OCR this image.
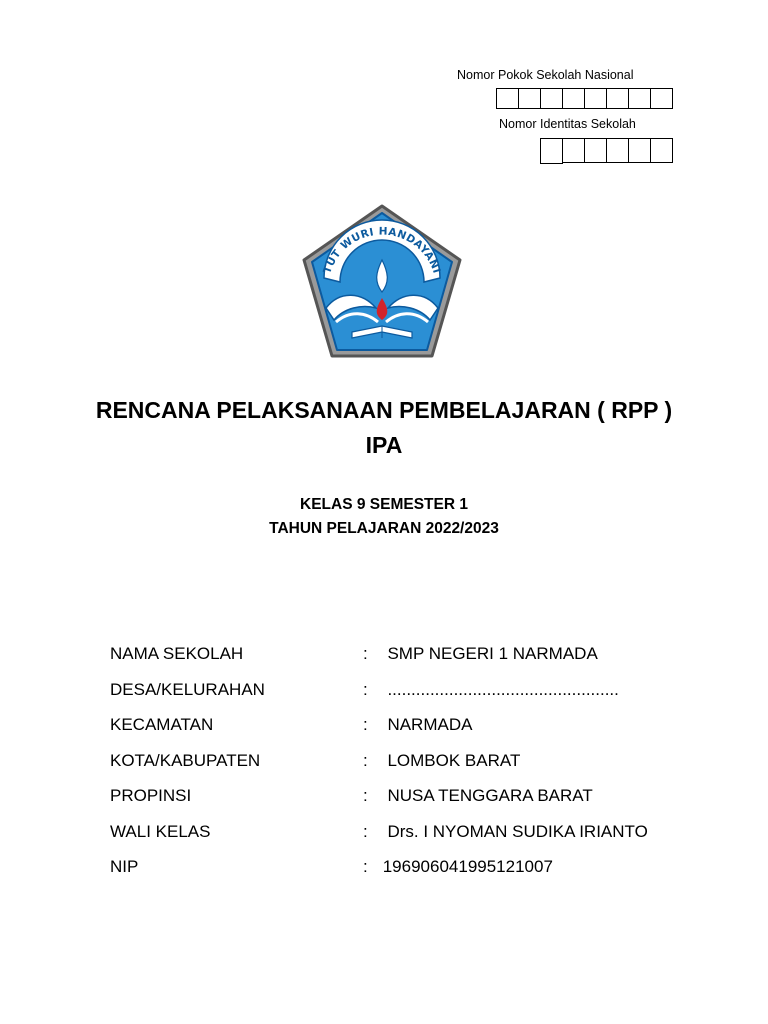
Nomor Pokok Sekolah Nasional
Nomor Identitas Sekolah
TUT WURI HANDAYANI
RENCANA PELAKSANAAN PEMBELAJARAN ( RPP )
IPA
KELAS 9 SEMESTER 1
TAHUN PELAJARAN 2022/2023
NAMA SEKOLAH	: SMP NEGERI 1 NARMADA
DESA/KELURAHAN	: .................................................
KECAMATAN	: NARMADA
KOTA/KABUPATEN	: LOMBOK BARAT
PROPINSI	: NUSA TENGGARA BARAT
WALI KELAS	: Drs. I NYOMAN SUDIKA IRIANTO
NIP	: 196906041995121007
